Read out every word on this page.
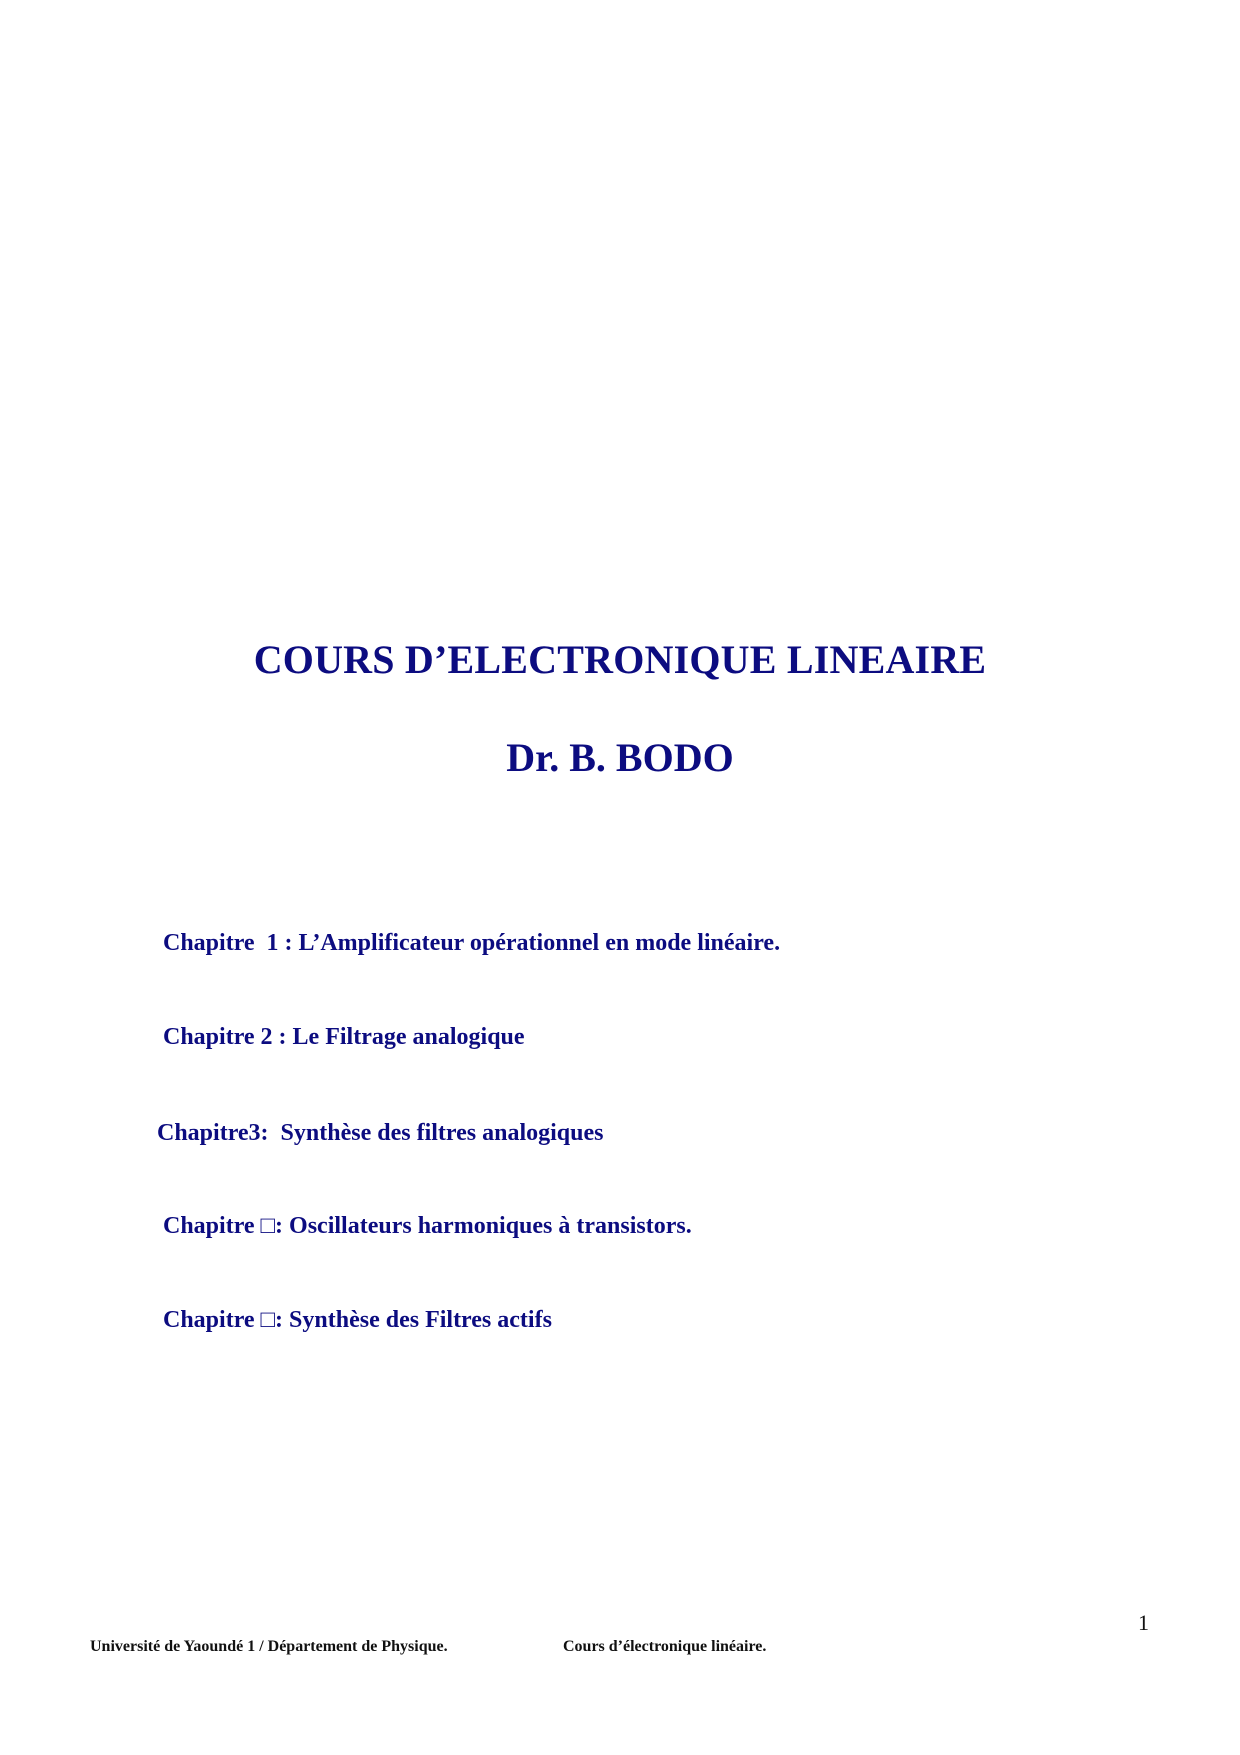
COURS D’ELECTRONIQUE LINEAIRE
Dr. B. BODO
Chapitre  1 : L’Amplificateur opérationnel en mode linéaire.
Chapitre 2 : Le Filtrage analogique
Chapitre3:  Synthèse des filtres analogiques
Chapitre □: Oscillateurs harmoniques à transistors.
Chapitre □: Synthèse des Filtres actifs
1
Université de Yaoundé 1 / Département de Physique.	Cours d’électronique linéaire.
